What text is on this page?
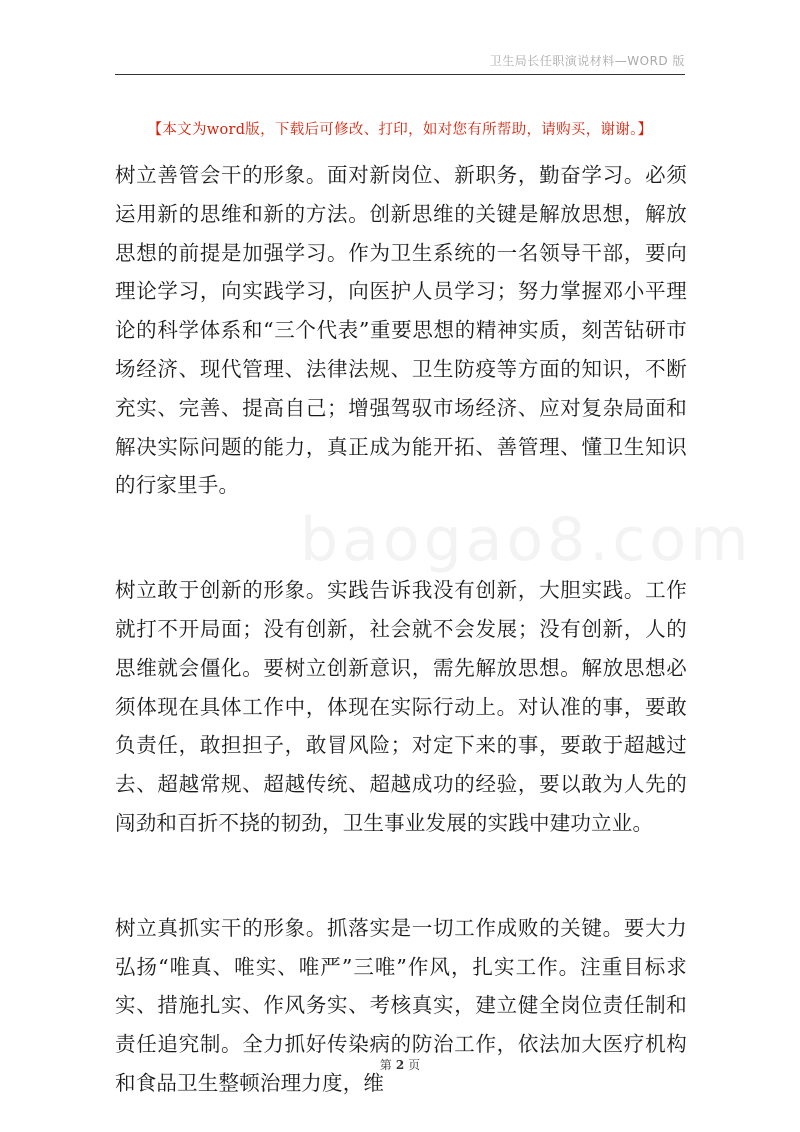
卫生局长任职演说材料—WORD 版
【本文为word版，下载后可修改、打印，如对您有所帮助，请购买，谢谢。】
baogao8.com

树立善管会干的形象。面对新岗位、新职务，勤奋学习。必须运用新的思维和新的方法。创新思维的关键是解放思想，解放思想的前提是加强学习。作为卫生系统的一名领导干部，要向理论学习，向实践学习，向医护人员学习；努力掌握邓小平理论的科学体系和“三个代表”重要思想的精神实质，刻苦钻研市场经济、现代管理、法律法规、卫生防疫等方面的知识，不断充实、完善、提高自己；增强驾驭市场经济、应对复杂局面和解决实际问题的能力，真正成为能开拓、善管理、懂卫生知识的行家里手。

树立敢于创新的形象。实践告诉我没有创新，大胆实践。工作就打不开局面；没有创新，社会就不会发展；没有创新，人的思维就会僵化。要树立创新意识，需先解放思想。解放思想必须体现在具体工作中，体现在实际行动上。对认准的事，要敢负责任，敢担担子，敢冒风险；对定下来的事，要敢于超越过去、超越常规、超越传统、超越成功的经验，要以敢为人先的闯劲和百折不挠的韧劲，卫生事业发展的实践中建功立业。

树立真抓实干的形象。抓落实是一切工作成败的关键。要大力弘扬“唯真、唯实、唯严”三唯”作风，扎实工作。注重目标求实、措施扎实、作风务实、考核真实，建立健全岗位责任制和责任追究制。全力抓好传染病的防治工作，依法加大医疗机构和食品卫生整顿治理力度，维

第 2 页
